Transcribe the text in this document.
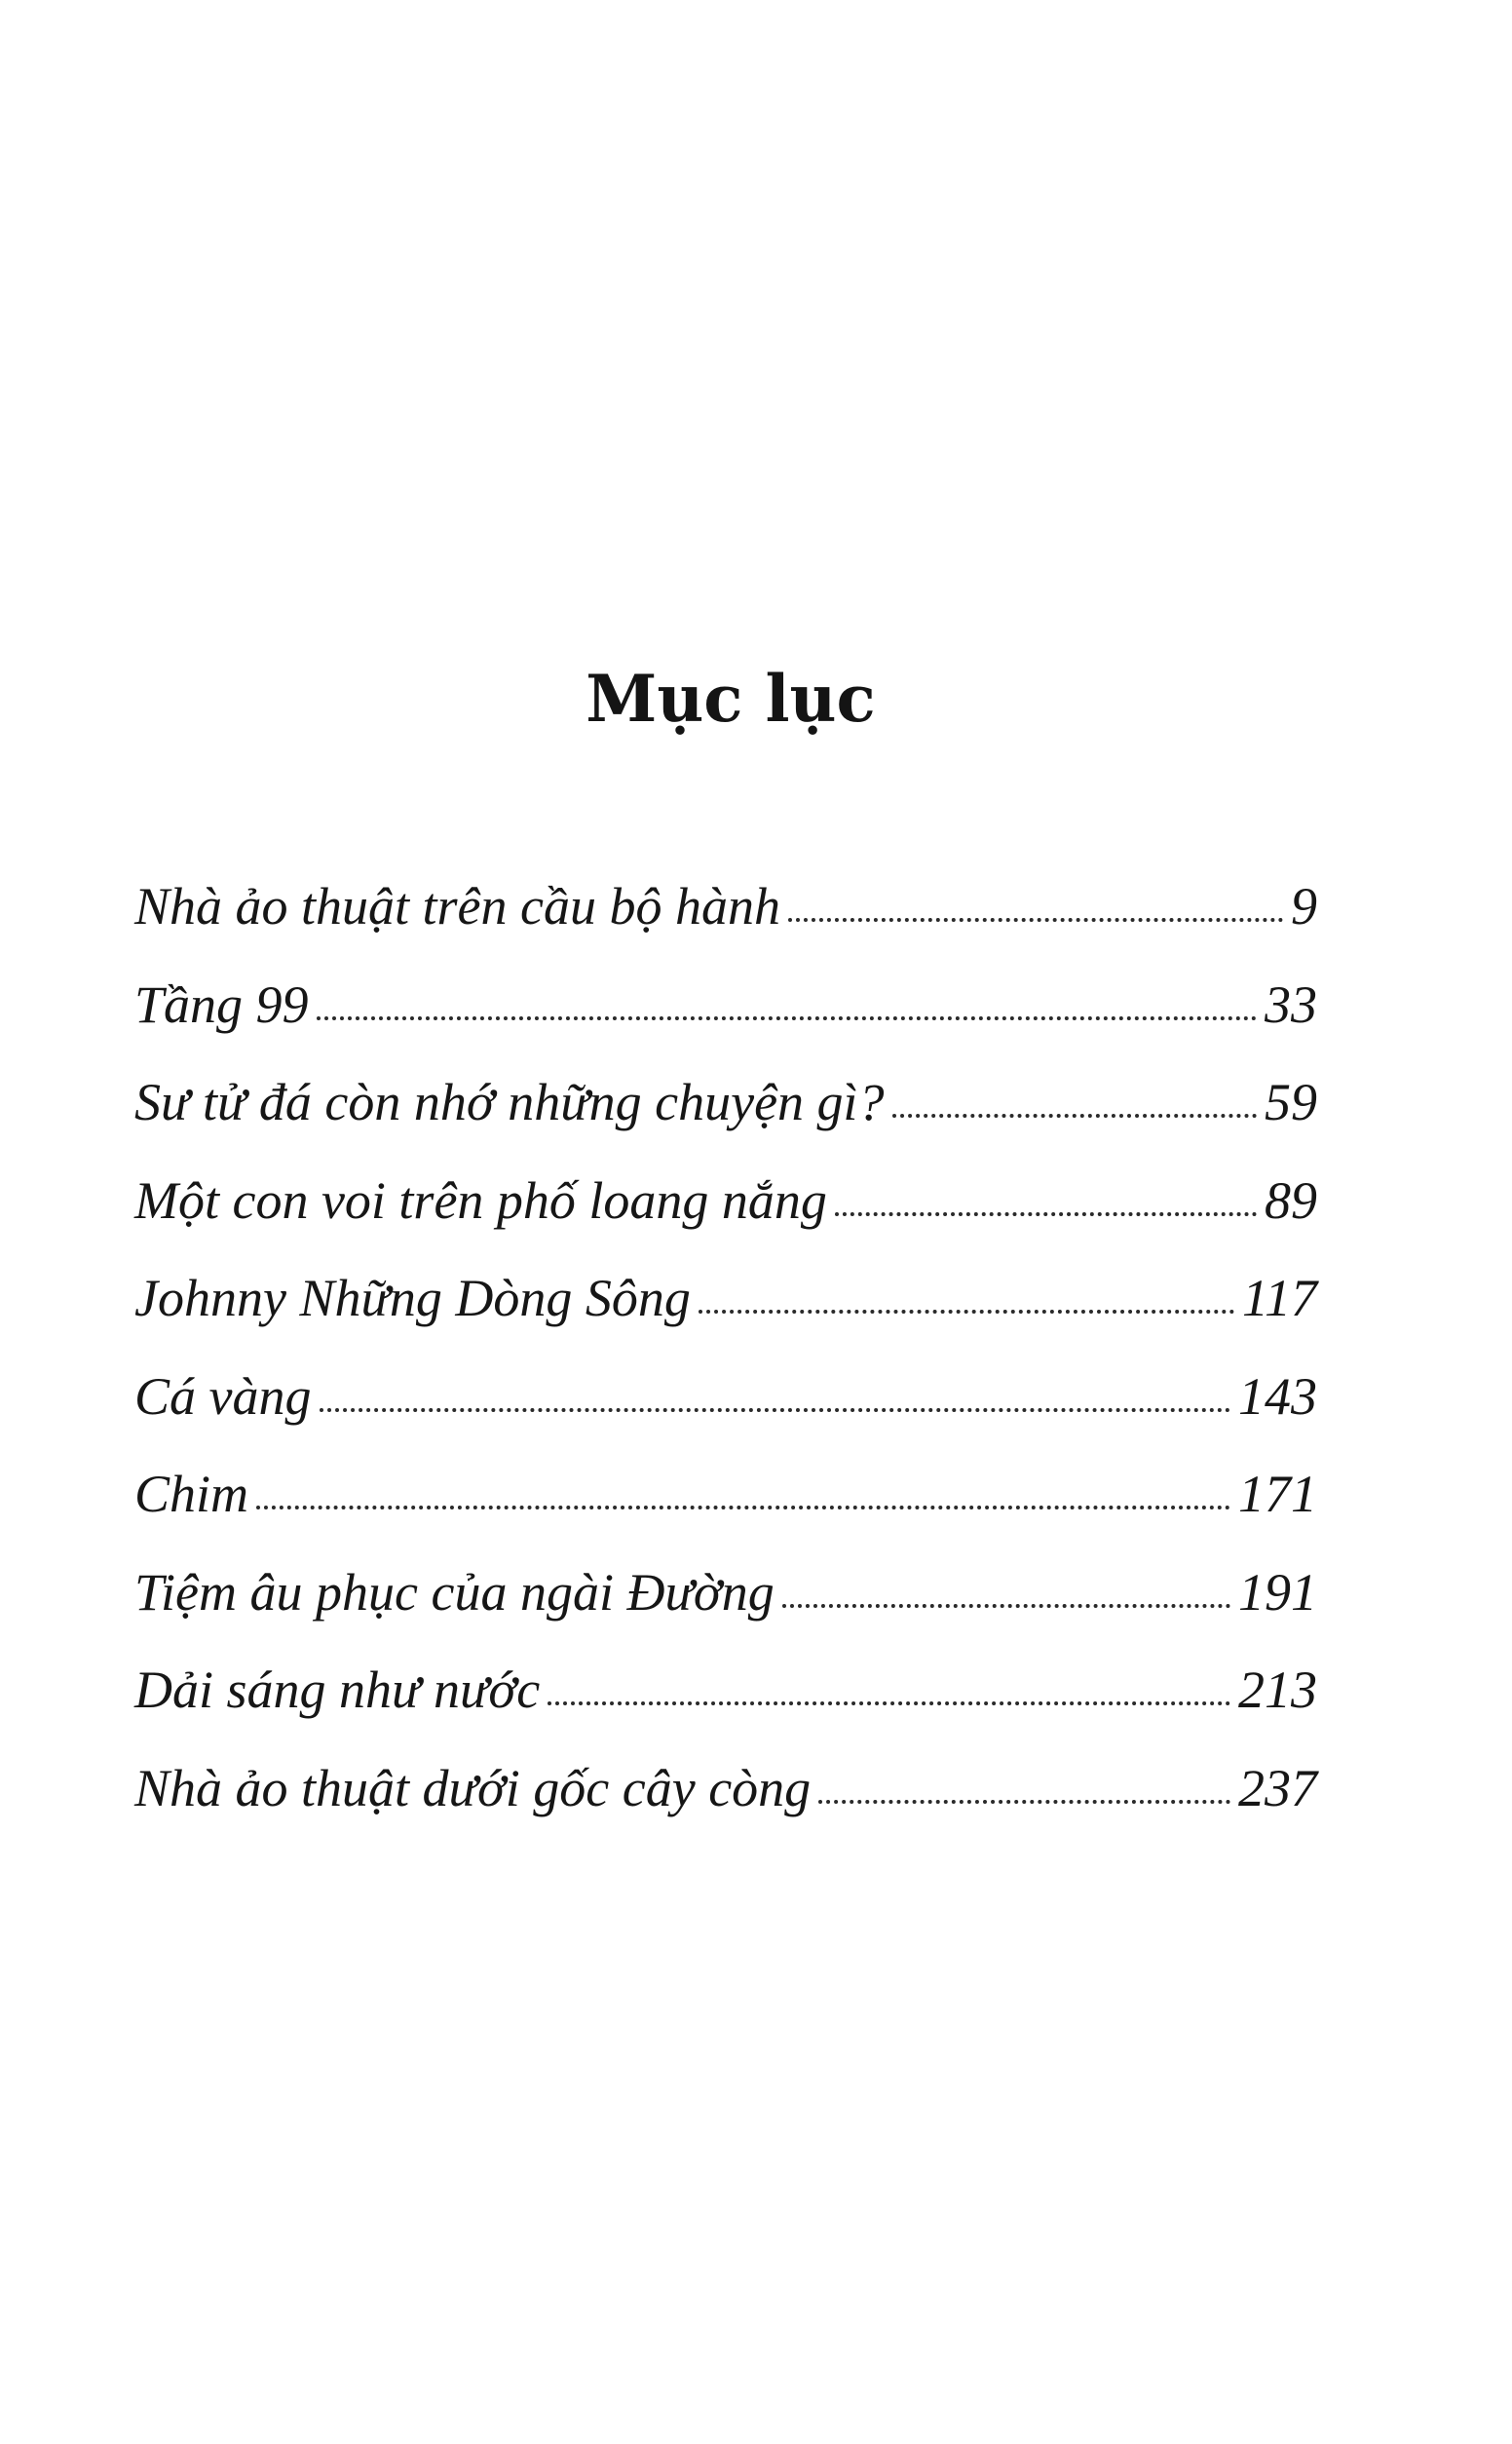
Mục lục
Nhà ảo thuật trên cầu bộ hành	9
Tầng 99	33
Sư tử đá còn nhớ những chuyện gì?	59
Một con voi trên phố loang nắng	89
Johnny Những Dòng Sông	117
Cá vàng	143
Chim	171
Tiệm âu phục của ngài Đường	191
Dải sáng như nước	213
Nhà ảo thuật dưới gốc cây còng	237
